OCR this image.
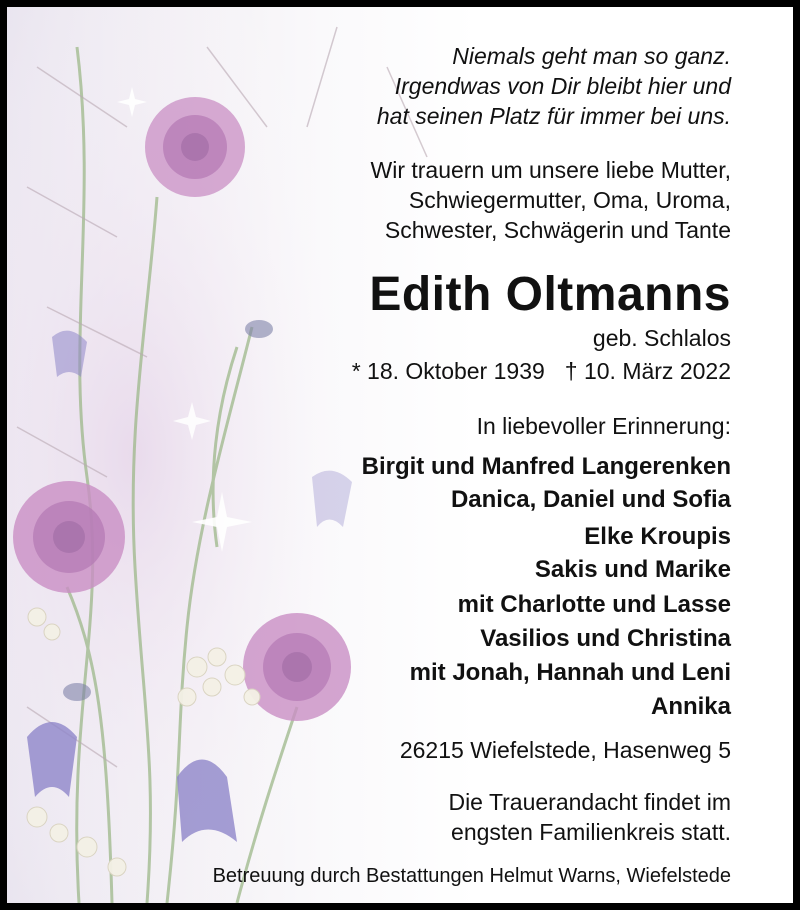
Niemals geht man so ganz.
Irgendwas von Dir bleibt hier und
hat seinen Platz für immer bei uns.
Wir trauern um unsere liebe Mutter,
Schwiegermutter, Oma, Uroma,
Schwester, Schwägerin und Tante
Edith Oltmanns
geb. Schlalos
* 18. Oktober 1939 † 10. März 2022
In liebevoller Erinnerung:
Birgit und Manfred Langerenken
Danica, Daniel und Sofia
Elke Kroupis
Sakis und Marike
mit Charlotte und Lasse
Vasilios und Christina
mit Jonah, Hannah und Leni
Annika
26215 Wiefelstede, Hasenweg 5
Die Trauerandacht findet im
engsten Familienkreis statt.
Betreuung durch Bestattungen Helmut Warns, Wiefelstede
